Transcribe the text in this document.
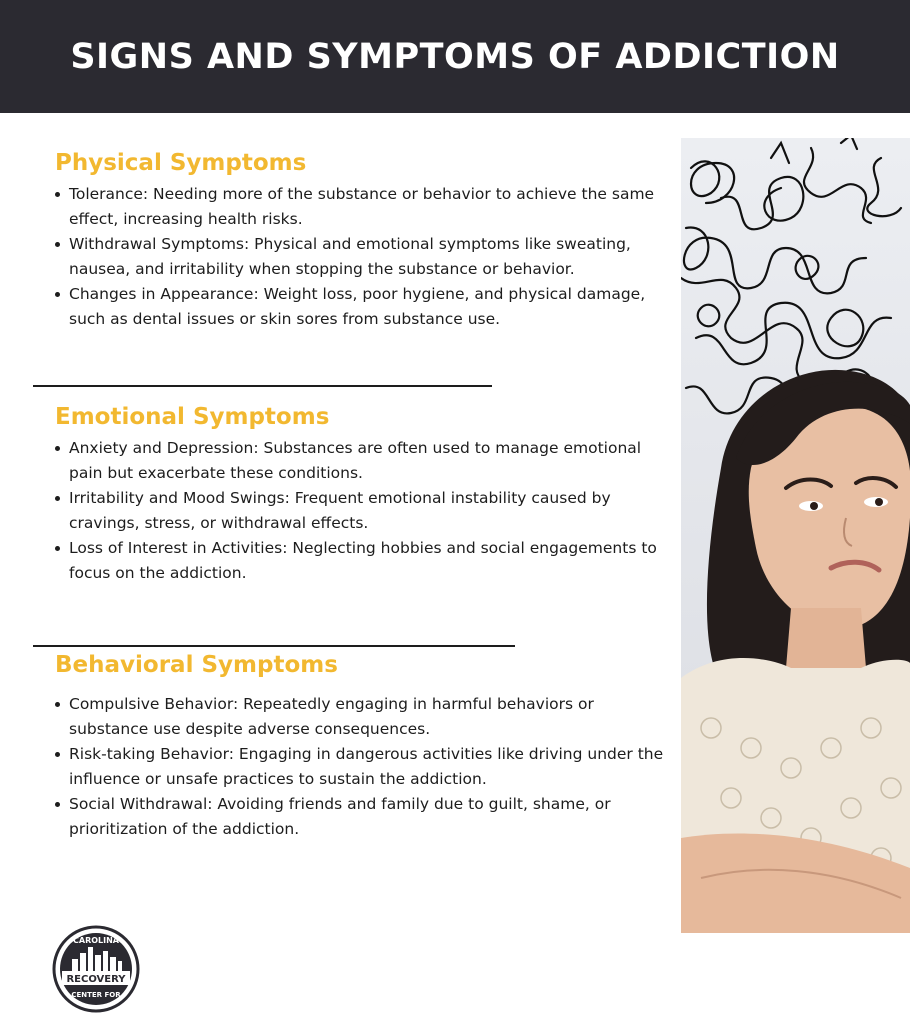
SIGNS AND SYMPTOMS OF ADDICTION
Physical Symptoms
Tolerance: Needing more of the substance or behavior to achieve the same effect, increasing health risks.
Withdrawal Symptoms: Physical and emotional symptoms like sweating, nausea, and irritability when stopping the substance or behavior.
Changes in Appearance: Weight loss, poor hygiene, and physical damage, such as dental issues or skin sores from substance use.
Emotional Symptoms
Anxiety and Depression: Substances are often used to manage emotional pain but exacerbate these conditions.
Irritability and Mood Swings: Frequent emotional instability caused by cravings, stress, or withdrawal effects.
Loss of Interest in Activities: Neglecting hobbies and social engagements to focus on the addiction.
Behavioral Symptoms
Compulsive Behavior: Repeatedly engaging in harmful behaviors or substance use despite adverse consequences.
Risk-taking Behavior: Engaging in dangerous activities like driving under the influence or unsafe practices to sustain the addiction.
Social Withdrawal: Avoiding friends and family due to guilt, shame, or prioritization of the addiction.
CAROLINA
RECOVERY
CENTER FOR
